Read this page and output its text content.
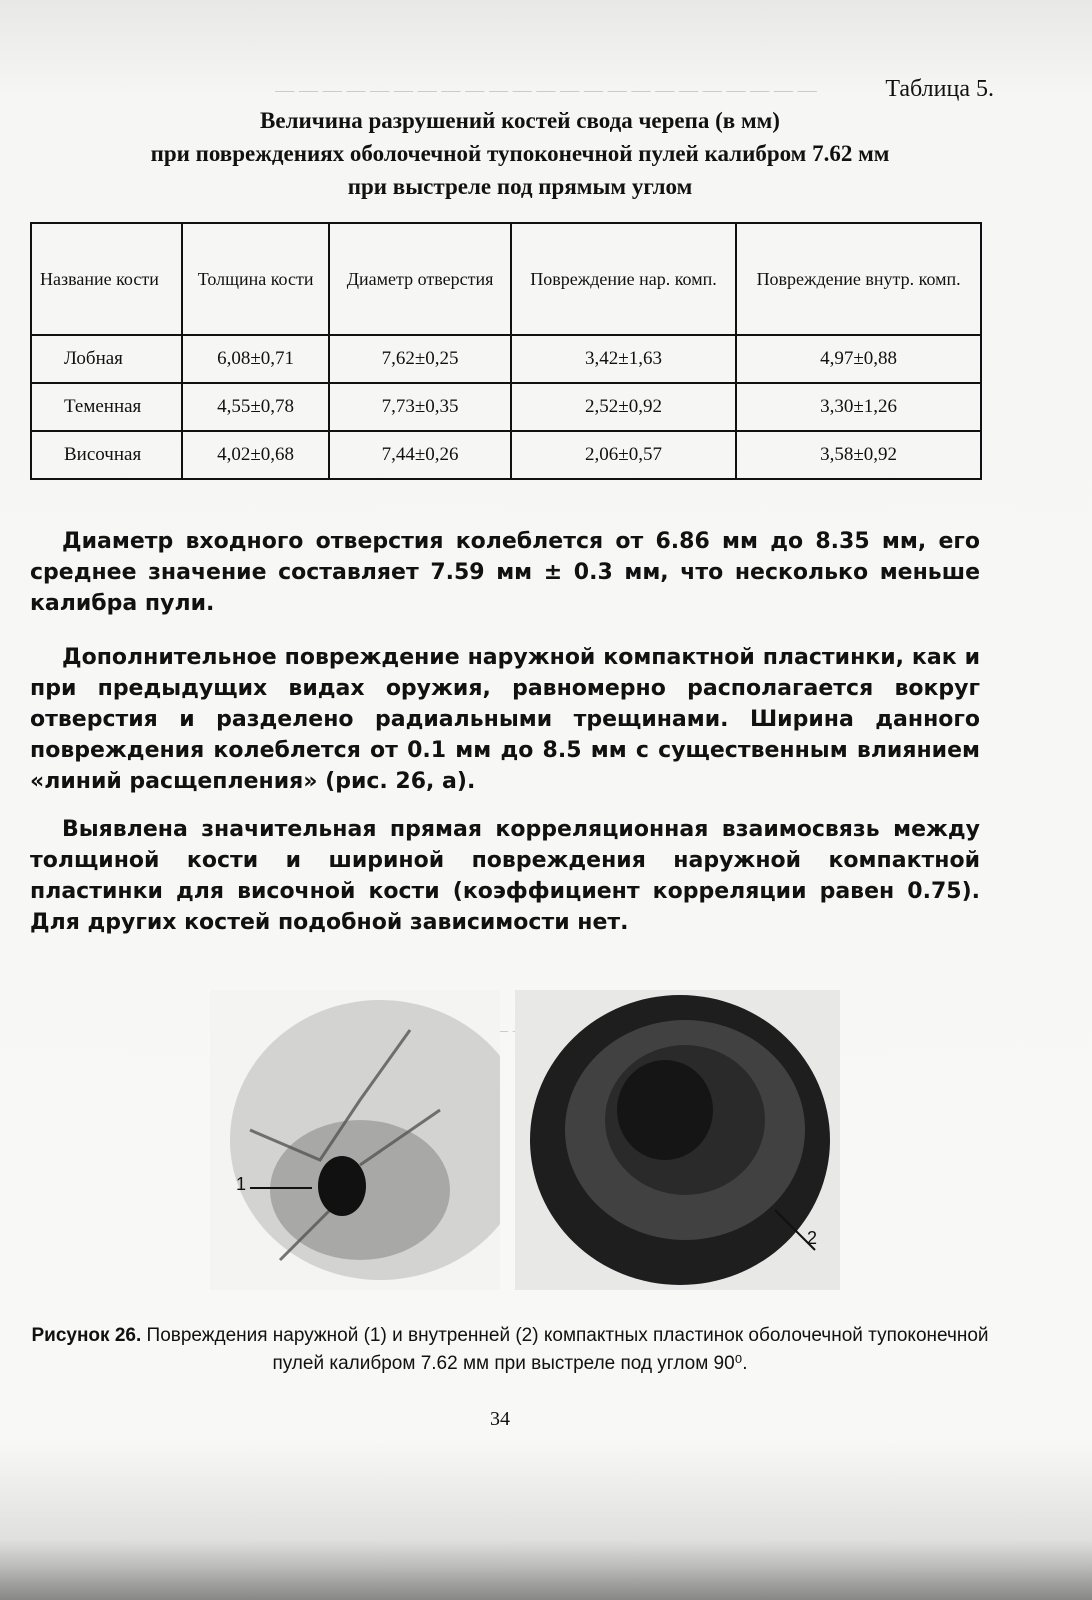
— — — — — — — — — — — — — — — — — — — — — — —	Таблица 5.
Величина разрушений костей свода черепа (в мм)
при повреждениях оболочечной тупоконечной пулей калибром 7.62 мм
при выстреле под прямым углом
Название кости	Толщина кости	Диаметр отверстия	Повреждение нар. комп.	Повреждение внутр. комп.
Лобная	6,08±0,71	7,62±0,25	3,42±1,63	4,97±0,88
Теменная	4,55±0,78	7,73±0,35	2,52±0,92	3,30±1,26
Височная	4,02±0,68	7,44±0,26	2,06±0,57	3,58±0,92

Диаметр входного отверстия колеблется от 6.86 мм до 8.35 мм, его среднее значение составляет 7.59 мм ± 0.3 мм, что несколько меньше калибра пули.

Дополнительное повреждение наружной компактной пластинки, как и при предыдущих видах оружия, равномерно располагается вокруг отверстия и разделено радиальными трещинами. Ширина данного повреждения колеблется от 0.1 мм до 8.5 мм с существенным влиянием «линий расщепления» (рис. 26, а).

Выявлена значительная прямая корреляционная взаимосвязь между толщиной кости и шириной повреждения наружной компактной пластинки для височной кости (коэффициент корреляции равен 0.75). Для других костей подобной зависимости нет.

1
2
Рисунок 26. Повреждения наружной (1) и внутренней (2) компактных пластинок оболочечной тупоконечной пулей калибром 7.62 мм при выстреле под углом 90⁰.
34
